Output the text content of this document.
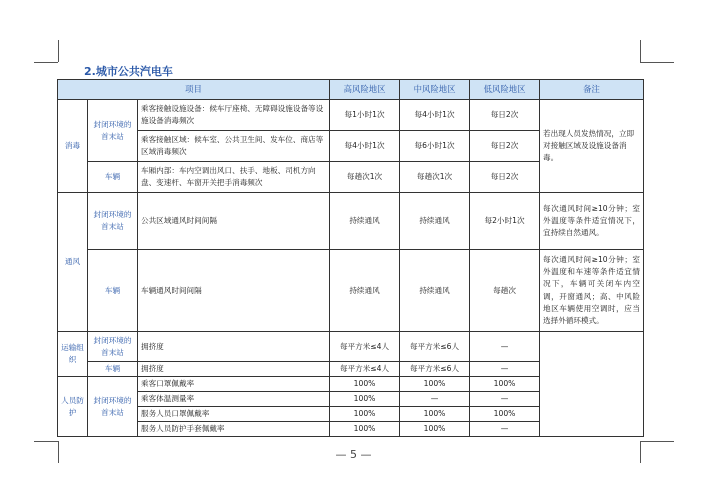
2.城市公共汽电车
项目			高风险地区	中风险地区	低风险地区	备注
消毒	封闭环境的首末站	乘客接触设施设备：候车厅座椅、无障碍设施设备等设施设备消毒频次	每1小时1次	每4小时1次	每日2次	若出现人员发热情况，立即对接触区域及设施设备消毒。
		乘客接触区域：候车室、公共卫生间、发车位、商店等区域消毒频次	每4小时1次	每6小时1次	每日2次	
	车辆	车厢内部：车内空调出风口、扶手、地板、司机方向盘、变速杆、车窗开关把手消毒频次	每趟次1次	每趟次1次	每日2次	
通风	封闭环境的首末站	公共区域通风时间间隔	持续通风	持续通风	每2小时1次	每次通风时间≥10分钟；室外温度等条件适宜情况下，宜持续自然通风。
	车辆	车辆通风时间间隔	持续通风	持续通风	每趟次	每次通风时间≥10分钟；室外温度和车速等条件适宜情况下，车辆可关闭车内空调，开窗通风；高、中风险地区车辆使用空调时，应当选择外循环模式。
运输组织	封闭环境的首末站	拥挤度	每平方米≤4人	每平方米≤6人	—	
	车辆	拥挤度	每平方米≤4人	每平方米≤6人	—	
人员防护	封闭环境的首末站	乘客口罩佩戴率	100%	100%	100%	
		乘客体温测量率	100%	—	—	
		服务人员口罩佩戴率	100%	100%	100%	
		服务人员防护手套佩戴率	100%	100%	—	
— 5 —
